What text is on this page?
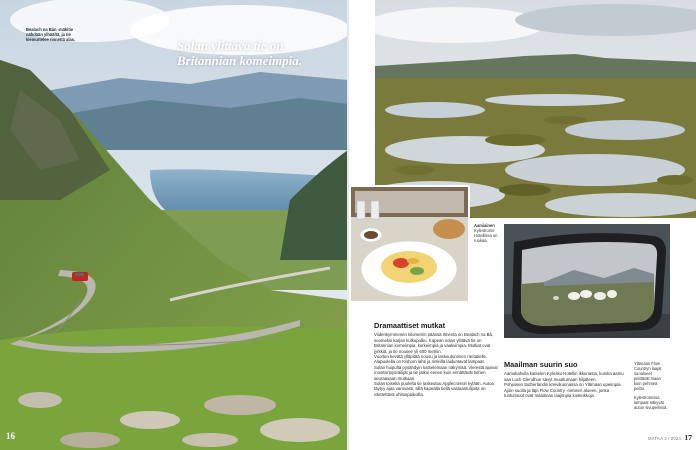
Bealach na Bàn -mäkitie nähdään ylhäältä, ja tie kiemurtelee rinnettä alas.	Solan ylittävä tie on Britannian komeimpia.
16
Aamiainen Kylestrome Hotellissa on ruokaa.
Dramaattiset mutkat

Viidenkymmenen kilometrin päässä Ilmenta on Bealach na Bà, suomeksi karjan kulkupolku. Kapean solan ylittävä tie on Britannian komeimpia, korkeimpia ja vaativimpia. Mutkat ovat jyrkkiä, ja tie nousee yli 600 metriin.

Vuorten kevätä ylläpitää nousu ja laskeutuminen rantatielle. Alapuolella on Kishorn lahti ja rinteillä laiduntavat lampaat.

Solan huipulta pysähdyin katselemaan näkymää. Vierestä ajoivat moottoripyöräilijät ja tie jatkui ennen kuin ennättävät tiehen seuraavaan mutkaan.

Solan toiselta puolelta tie laskeutuu Applecrossin kylään. Autoa täytyy ajaa varovasti, sillä kapealla tiellä vastaantulijoita on väistettävä ohituspaikoilla.

Maailman suurin suo

Aamukahvila katselen Kylesku Hotellin ikkunasta, kuinka aamu saa Loch Glendhun sävyt muuttumaan hiljalleen.

Pohjoisen Sutherlandin kreivikunnassa on Ylämaan upeimpia. Ajoin suolla ja läpi Flow Country -nimisen alueen, jonka tunturisuot ovat maailman laajimpia kosteikkoja.

Ylämaan Flow Countryn laajat suoalueet peittävät maan kuin pehmeä peitto.

Kylestromissa lampaat näkyvät auton sivupeilissä.

MATKA 3 / 2024 17
